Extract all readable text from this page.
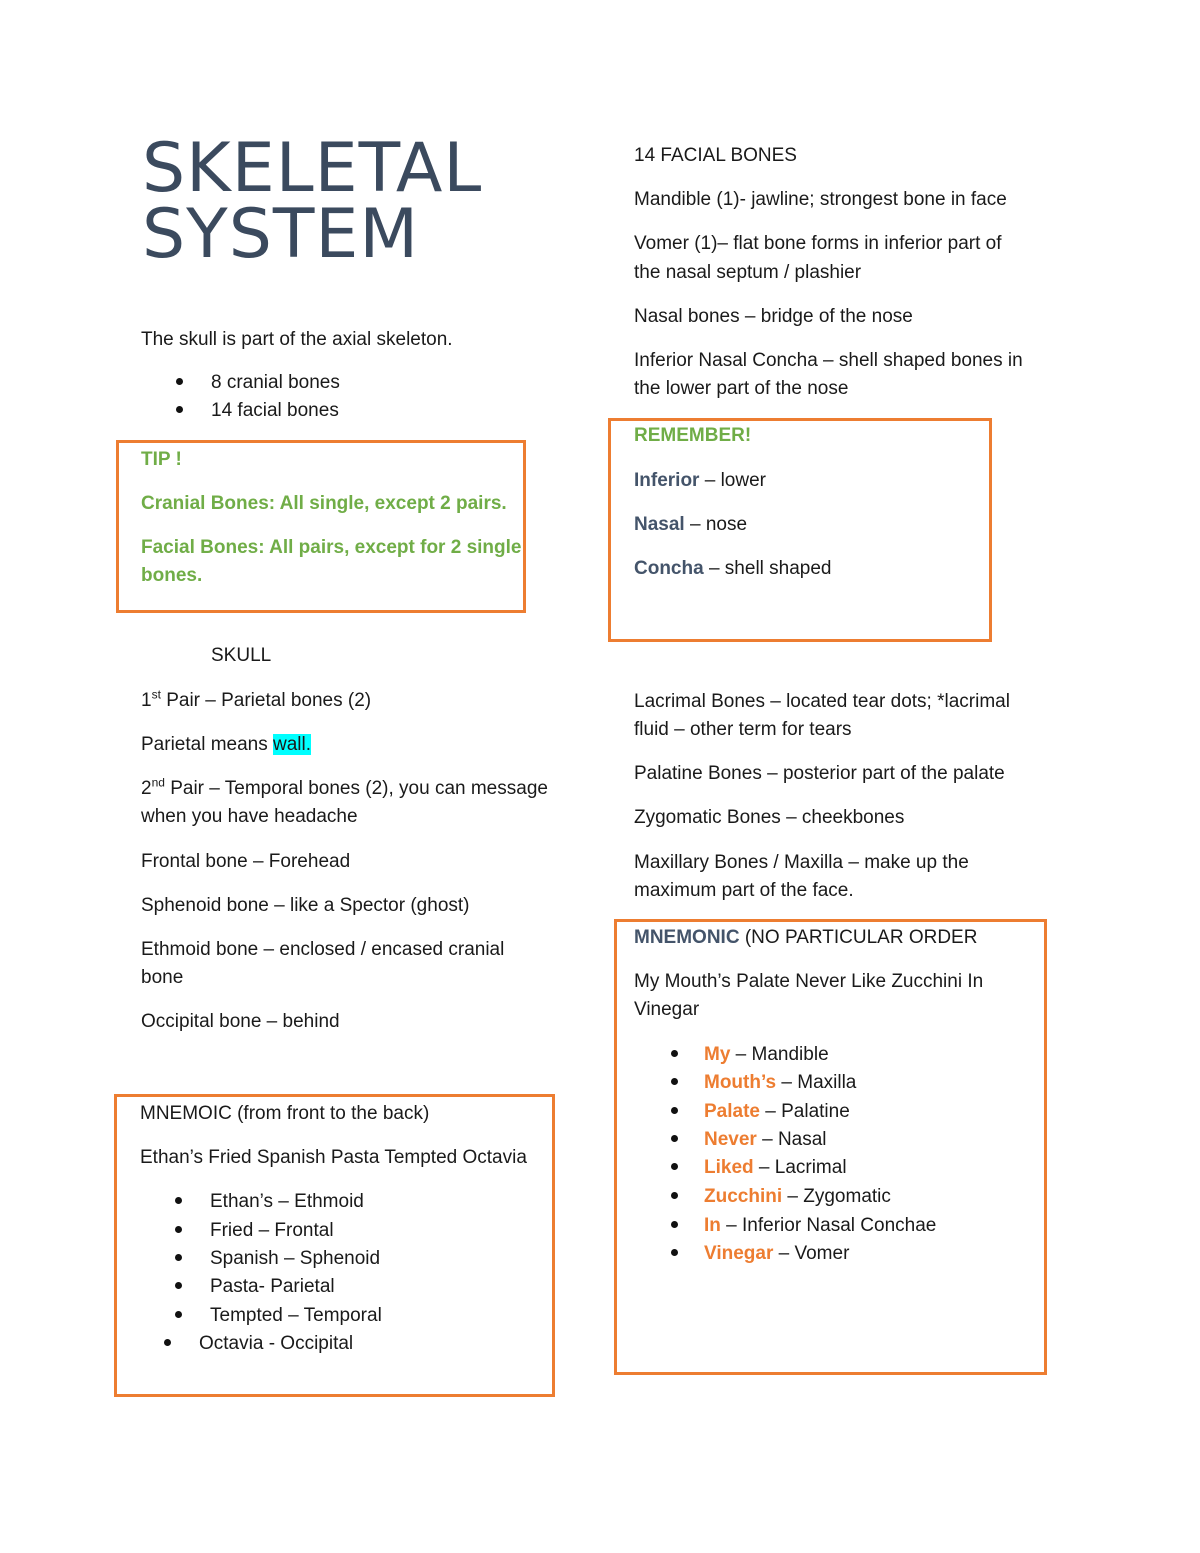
SKELETAL
SYSTEM
The skull is part of the axial skeleton.
8 cranial bones
14 facial bones
TIP !
Cranial Bones: All single, except 2 pairs.
Facial Bones: All pairs, except for 2 single
bones.
SKULL
1st Pair – Parietal bones (2)
Parietal means wall.
2nd Pair – Temporal bones (2), you can message
when you have headache
Frontal bone – Forehead
Sphenoid bone – like a Spector (ghost)
Ethmoid bone – enclosed / encased cranial
bone
Occipital bone – behind
MNEMOIC (from front to the back)
Ethan’s Fried Spanish Pasta Tempted Octavia
Ethan’s – Ethmoid
Fried – Frontal
Spanish – Sphenoid
Pasta- Parietal
Tempted – Temporal
Octavia - Occipital
14 FACIAL BONES
Mandible (1)- jawline; strongest bone in face
Vomer (1)– flat bone forms in inferior part of
the nasal septum / plashier
Nasal bones – bridge of the nose
Inferior Nasal Concha – shell shaped bones in
the lower part of the nose
REMEMBER!
Inferior – lower
Nasal – nose
Concha – shell shaped
Lacrimal Bones – located tear dots; *lacrimal
fluid – other term for tears
Palatine Bones – posterior part of the palate
Zygomatic Bones – cheekbones
Maxillary Bones / Maxilla – make up the
maximum part of the face.
MNEMONIC (NO PARTICULAR ORDER
My Mouth’s Palate Never Like Zucchini In
Vinegar
My – Mandible
Mouth’s – Maxilla
Palate – Palatine
Never – Nasal
Liked – Lacrimal
Zucchini – Zygomatic
In – Inferior Nasal Conchae
Vinegar – Vomer
